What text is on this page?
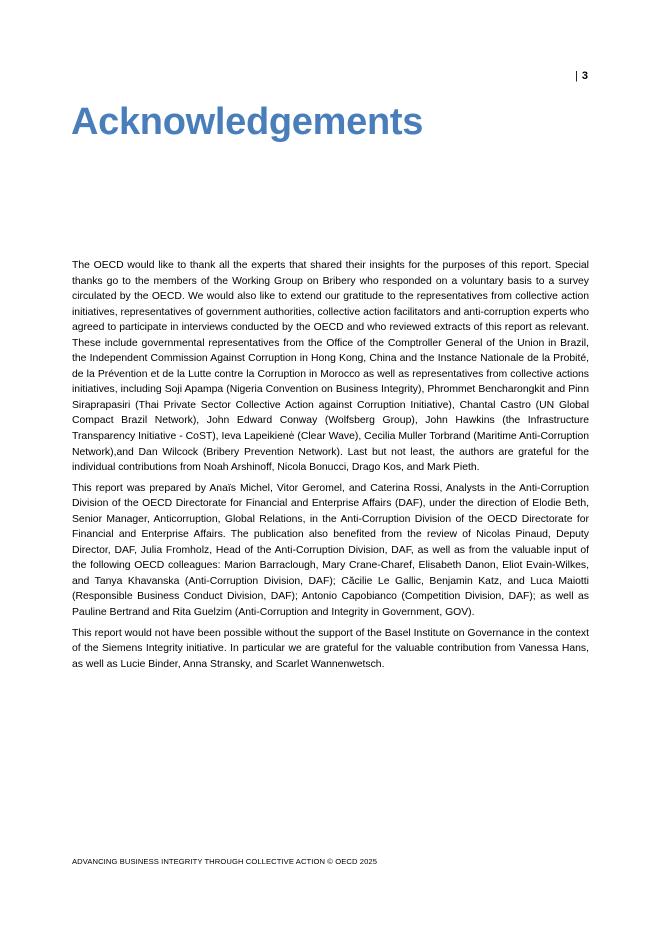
| 3
Acknowledgements

The OECD would like to thank all the experts that shared their insights for the purposes of this report. Special thanks go to the members of the Working Group on Bribery who responded on a voluntary basis to a survey circulated by the OECD. We would also like to extend our gratitude to the representatives from collective action initiatives, representatives of government authorities, collective action facilitators and anti-corruption experts who agreed to participate in interviews conducted by the OECD and who reviewed extracts of this report as relevant. These include governmental representatives from the Office of the Comptroller General of the Union in Brazil, the Independent Commission Against Corruption in Hong Kong, China and the Instance Nationale de la Probité, de la Prévention et de la Lutte contre la Corruption in Morocco as well as representatives from collective actions initiatives, including Soji Apampa (Nigeria Convention on Business Integrity), Phrommet Bencharongkit and Pinn Siraprapasiri (Thai Private Sector Collective Action against Corruption Initiative), Chantal Castro (UN Global Compact Brazil Network), John Edward Conway (Wolfsberg Group), John Hawkins (the Infrastructure Transparency Initiative - CoST), Ieva Lapeikienė (Clear Wave), Cecilia Muller Torbrand (Maritime Anti-Corruption Network),and Dan Wilcock (Bribery Prevention Network). Last but not least, the authors are grateful for the individual contributions from Noah Arshinoff, Nicola Bonucci, Drago Kos, and Mark Pieth.

This report was prepared by Anaïs Michel, Vitor Geromel, and Caterina Rossi, Analysts in the Anti-Corruption Division of the OECD Directorate for Financial and Enterprise Affairs (DAF), under the direction of Elodie Beth, Senior Manager, Anticorruption, Global Relations, in the Anti-Corruption Division of the OECD Directorate for Financial and Enterprise Affairs. The publication also benefited from the review of Nicolas Pinaud, Deputy Director, DAF, Julia Fromholz, Head of the Anti-Corruption Division, DAF, as well as from the valuable input of the following OECD colleagues: Marion Barraclough, Mary Crane-Charef, Elisabeth Danon, Eliot Evain-Wilkes, and Tanya Khavanska (Anti-Corruption Division, DAF); Căcilie Le Gallic, Benjamin Katz, and Luca Maiotti (Responsible Business Conduct Division, DAF); Antonio Capobianco (Competition Division, DAF); as well as Pauline Bertrand and Rita Guelzim (Anti-Corruption and Integrity in Government, GOV).

This report would not have been possible without the support of the Basel Institute on Governance in the context of the Siemens Integrity initiative. In particular we are grateful for the valuable contribution from Vanessa Hans, as well as Lucie Binder, Anna Stransky, and Scarlet Wannenwetsch.

ADVANCING BUSINESS INTEGRITY THROUGH COLLECTIVE ACTION © OECD 2025
